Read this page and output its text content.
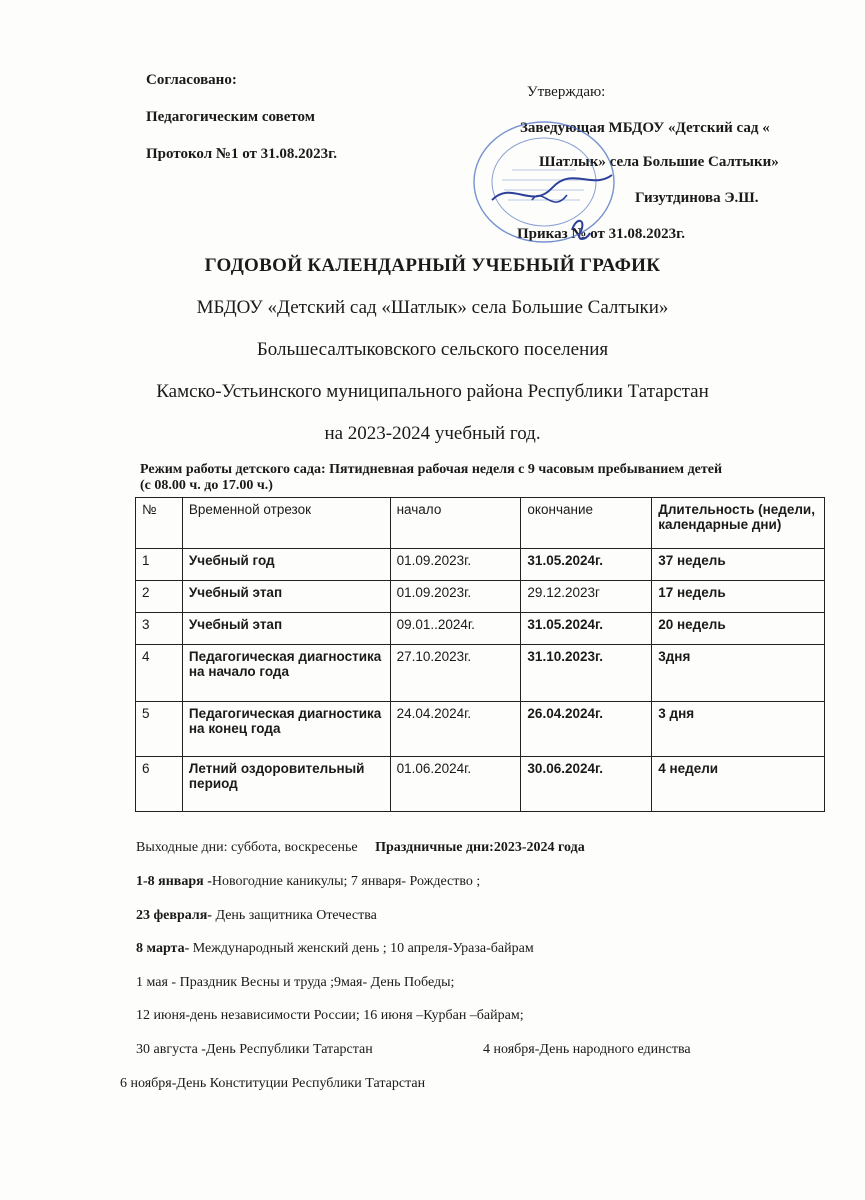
Согласовано:
Педагогическим советом
Протокол №1 от 31.08.2023г.
Утверждаю:
Заведующая МБДОУ «Детский сад «
Шатлык» села Большие Салтыки»
Гизутдинова Э.Ш.
Приказ № от 31.08.2023г.
ГОДОВОЙ КАЛЕНДАРНЫЙ УЧЕБНЫЙ ГРАФИК
МБДОУ «Детский сад «Шатлык» села Большие Салтыки»
Большесалтыковского сельского поселения
Камско-Устьинского муниципального района Республики Татарстан
на 2023-2024 учебный год.
Режим работы детского сада: Пятидневная рабочая неделя с 9 часовым пребыванием детей
(с 08.00 ч. до 17.00 ч.)
№	Временной отрезок	начало	окончание	Длительность (недели, календарные дни)
1	Учебный год	01.09.2023г.	31.05.2024г.	37 недель
2	Учебный этап	01.09.2023г.	29.12.2023г	17 недель
3	Учебный этап	09.01..2024г.	31.05.2024г.	20 недель
4	Педагогическая диагностика на начало года	27.10.2023г.	31.10.2023г.	3дня
5	Педагогическая диагностика на конец года	24.04.2024г.	26.04.2024г.	3 дня
6	Летний оздоровительный период	01.06.2024г.	30.06.2024г.	4 недели
Выходные дни: суббота, воскресенье Праздничные дни:2023-2024 года
1-8 января -Новогодние каникулы; 7 января- Рождество ;
23 февраля- День защитника Отечества
8 марта- Международный женский день ; 10 апреля-Ураза-байрам
1 мая - Праздник Весны и труда ;9мая- День Победы;
12 июня-день независимости России; 16 июня –Курбан –байрам;
30 августа -День Республики Татарстан	4 ноября-День народного единства
6 ноября-День Конституции Республики Татарстан
